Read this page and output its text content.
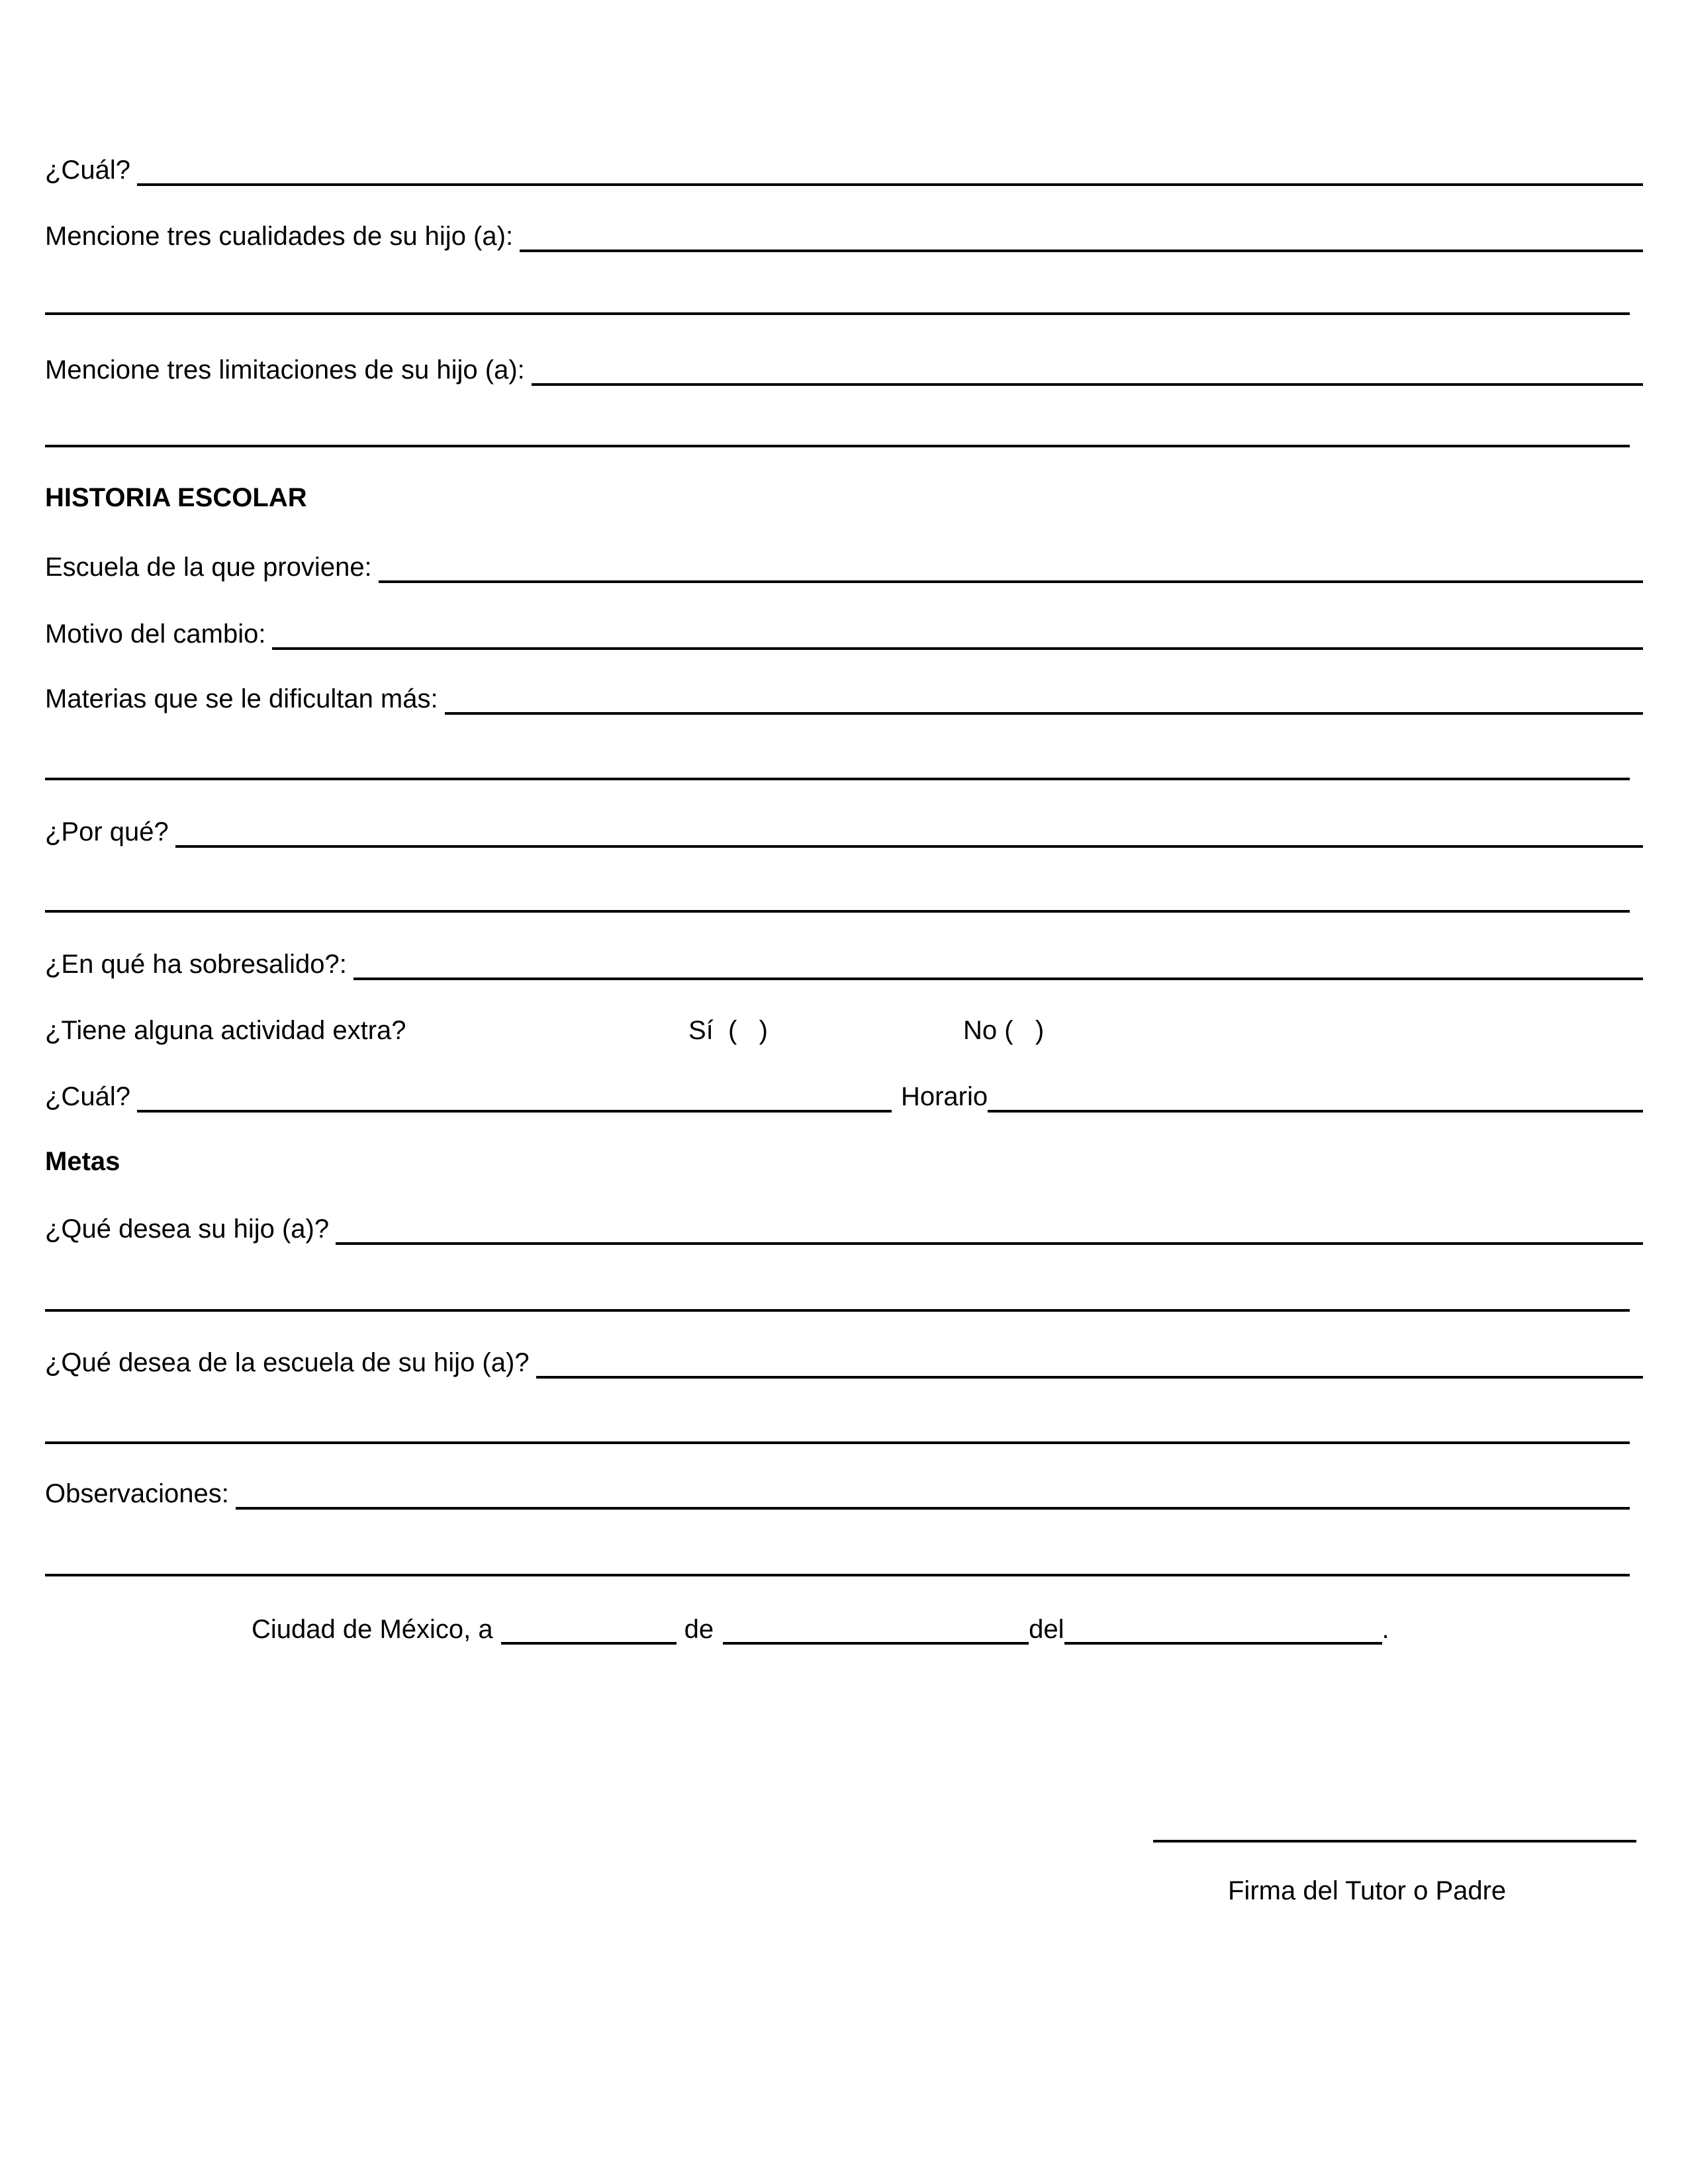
¿Cuál?
Mencione tres cualidades de su hijo (a):
Mencione tres limitaciones de su hijo (a):
HISTORIA ESCOLAR
Escuela de la que proviene:
Motivo del cambio:
Materias que se le dificultan más:
¿Por qué?
¿En qué ha sobresalido?:
¿Tiene alguna actividad extra?	Sí  (   )	No (   )
¿Cuál?	Horario
Metas
¿Qué desea su hijo (a)?
¿Qué desea de la escuela de su hijo (a)?
Observaciones:
Ciudad de México, a	de	del	.
Firma del Tutor o Padre
